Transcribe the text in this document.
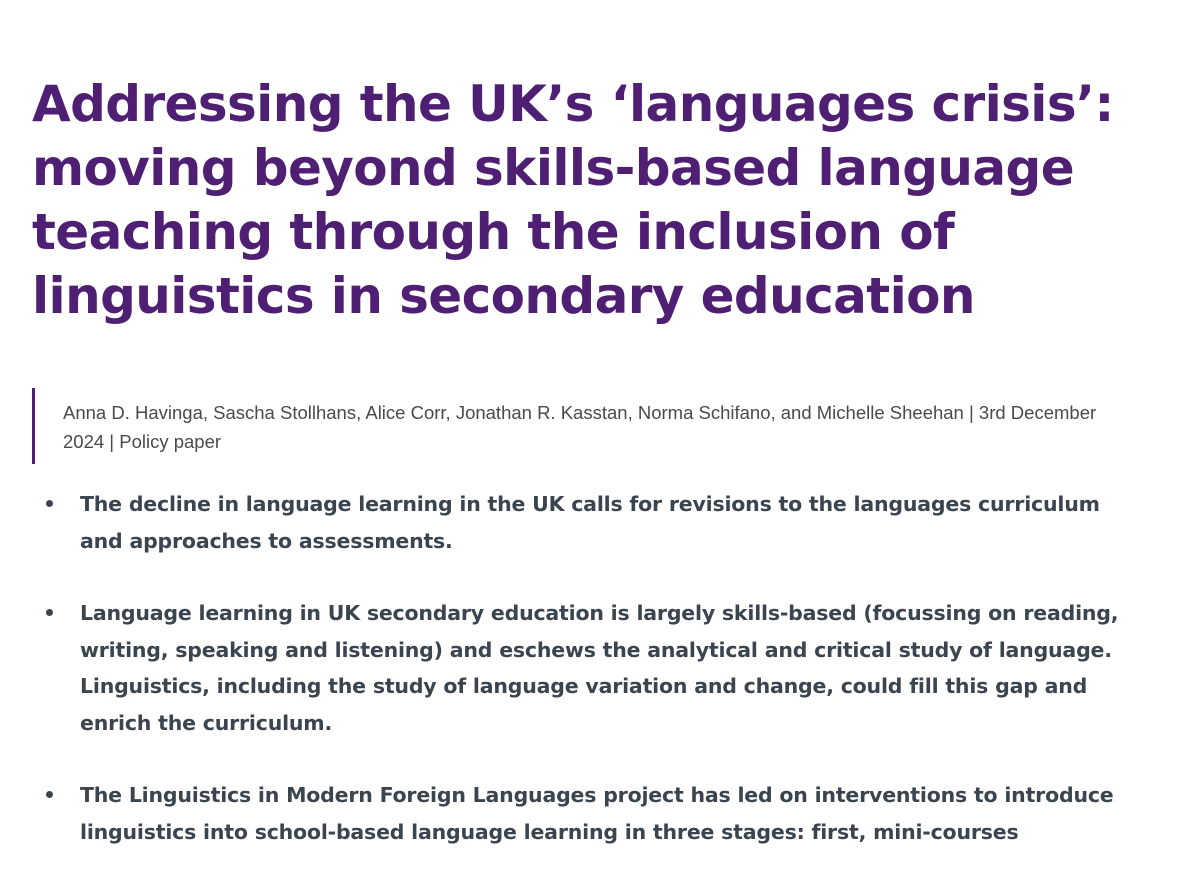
Addressing the UK’s ‘languages crisis’: moving beyond skills-based language teaching through the inclusion of linguistics in secondary education
Anna D. Havinga, Sascha Stollhans, Alice Corr, Jonathan R. Kasstan, Norma Schifano, and Michelle Sheehan | 3rd December 2024 | Policy paper
The decline in language learning in the UK calls for revisions to the languages curriculum and approaches to assessments.
Language learning in UK secondary education is largely skills-based (focussing on reading, writing, speaking and listening) and eschews the analytical and critical study of language. Linguistics, including the study of language variation and change, could fill this gap and enrich the curriculum.
The Linguistics in Modern Foreign Languages project has led on interventions to introduce linguistics into school-based language learning in three stages: first, mini-courses
